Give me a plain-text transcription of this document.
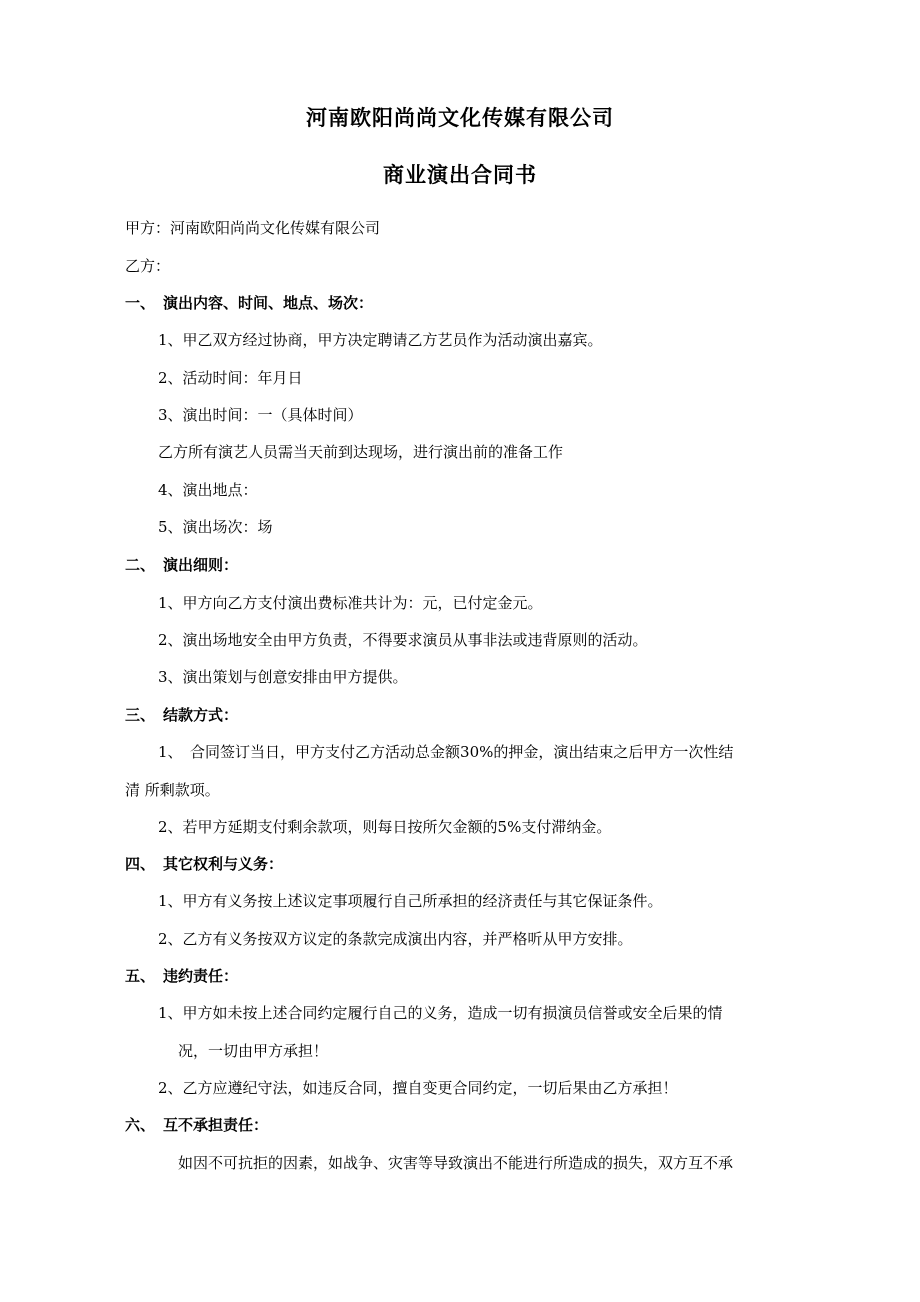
河南欧阳尚尚文化传媒有限公司
商业演出合同书
甲方：河南欧阳尚尚文化传媒有限公司
乙方：
一、 演出内容、时间、地点、场次：
1、甲乙双方经过协商，甲方决定聘请乙方艺员作为活动演出嘉宾。
2、活动时间：年月日
3、演出时间：一（具体时间）
乙方所有演艺人员需当天前到达现场，进行演出前的准备工作
4、演出地点：
5、演出场次：场
二、 演出细则：
1、甲方向乙方支付演出费标准共计为：元，已付定金元。
2、演出场地安全由甲方负责，不得要求演员从事非法或违背原则的活动。
3、演出策划与创意安排由甲方提供。
三、 结款方式：
1、　合同签订当日，甲方支付乙方活动总金额30%的押金，演出结束之后甲方一次性结
清 所剩款项。
2、若甲方延期支付剩余款项，则每日按所欠金额的5%支付滞纳金。
四、 其它权利与义务：
1、甲方有义务按上述议定事项履行自己所承担的经济责任与其它保证条件。
2、乙方有义务按双方议定的条款完成演出内容，并严格听从甲方安排。
五、 违约责任：
1、甲方如未按上述合同约定履行自己的义务，造成一切有损演员信誉或安全后果的情
况，一切由甲方承担！
2、乙方应遵纪守法，如违反合同，擅自变更合同约定，一切后果由乙方承担！
六、 互不承担责任：
如因不可抗拒的因素，如战争、灾害等导致演出不能进行所造成的损失，双方互不承
